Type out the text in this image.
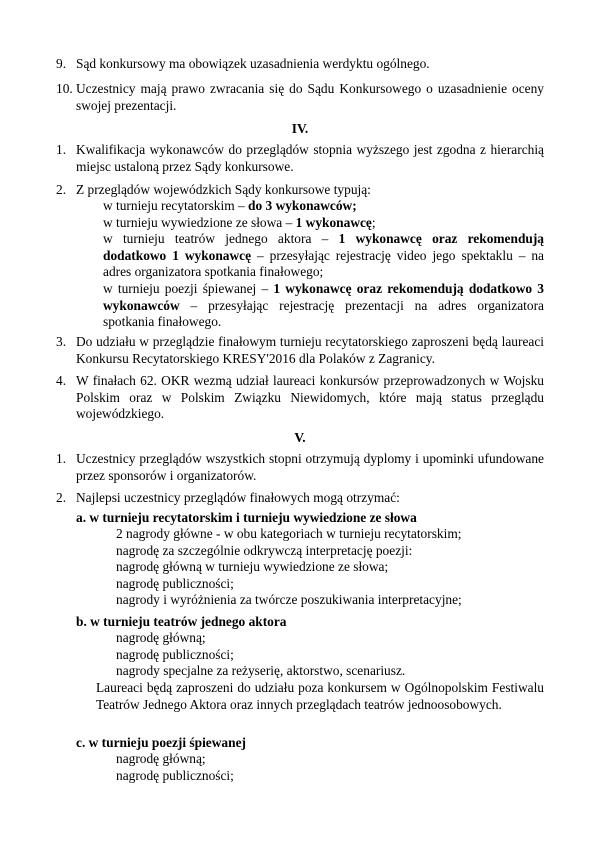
9. Sąd konkursowy ma obowiązek uzasadnienia werdyktu ogólnego.
10. Uczestnicy mają prawo zwracania się do Sądu Konkursowego o uzasadnienie oceny swojej prezentacji.
IV.
1. Kwalifikacja wykonawców do przeglądów stopnia wyższego jest zgodna z hierarchią miejsc ustaloną przez Sądy konkursowe.
2. Z przeglądów wojewódzkich Sądy konkursowe typują:
w turnieju recytatorskim – do 3 wykonawców;
w turnieju wywiedzione ze słowa – 1 wykonawcę;
w turnieju teatrów jednego aktora – 1 wykonawcę oraz rekomendują dodatkowo 1 wykonawcę – przesyłając rejestrację video jego spektaklu – na adres organizatora spotkania finałowego;
w turnieju poezji śpiewanej – 1 wykonawcę oraz rekomendują dodatkowo 3 wykonawców – przesyłając rejestrację prezentacji na adres organizatora spotkania finałowego.
3. Do udziału w przeglądzie finałowym turnieju recytatorskiego zaproszeni będą laureaci Konkursu Recytatorskiego KRESY'2016 dla Polaków z Zagranicy.
4. W finałach 62. OKR wezmą udział laureaci konkursów przeprowadzonych w Wojsku Polskim oraz w Polskim Związku Niewidomych, które mają status przeglądu wojewódzkiego.
V.
1. Uczestnicy przeglądów wszystkich stopni otrzymują dyplomy i upominki ufundowane przez sponsorów i organizatorów.
2. Najlepsi uczestnicy przeglądów finałowych mogą otrzymać:
a. w turnieju recytatorskim i turnieju wywiedzione ze słowa
2 nagrody główne - w obu kategoriach w turnieju recytatorskim;
nagrodę za szczególnie odkrywczą interpretację poezji:
nagrodę główną w turnieju wywiedzione ze słowa;
nagrodę publiczności;
nagrody i wyróżnienia za twórcze poszukiwania interpretacyjne;
b. w turnieju teatrów jednego aktora
nagrodę główną;
nagrodę publiczności;
nagrody specjalne za reżyserię, aktorstwo, scenariusz.
Laureaci będą zaproszeni do udziału poza konkursem w Ogólnopolskim Festiwalu Teatrów Jednego Aktora oraz innych przeglądach teatrów jednoosobowych.
c. w turnieju poezji śpiewanej
nagrodę główną;
nagrodę publiczności;
